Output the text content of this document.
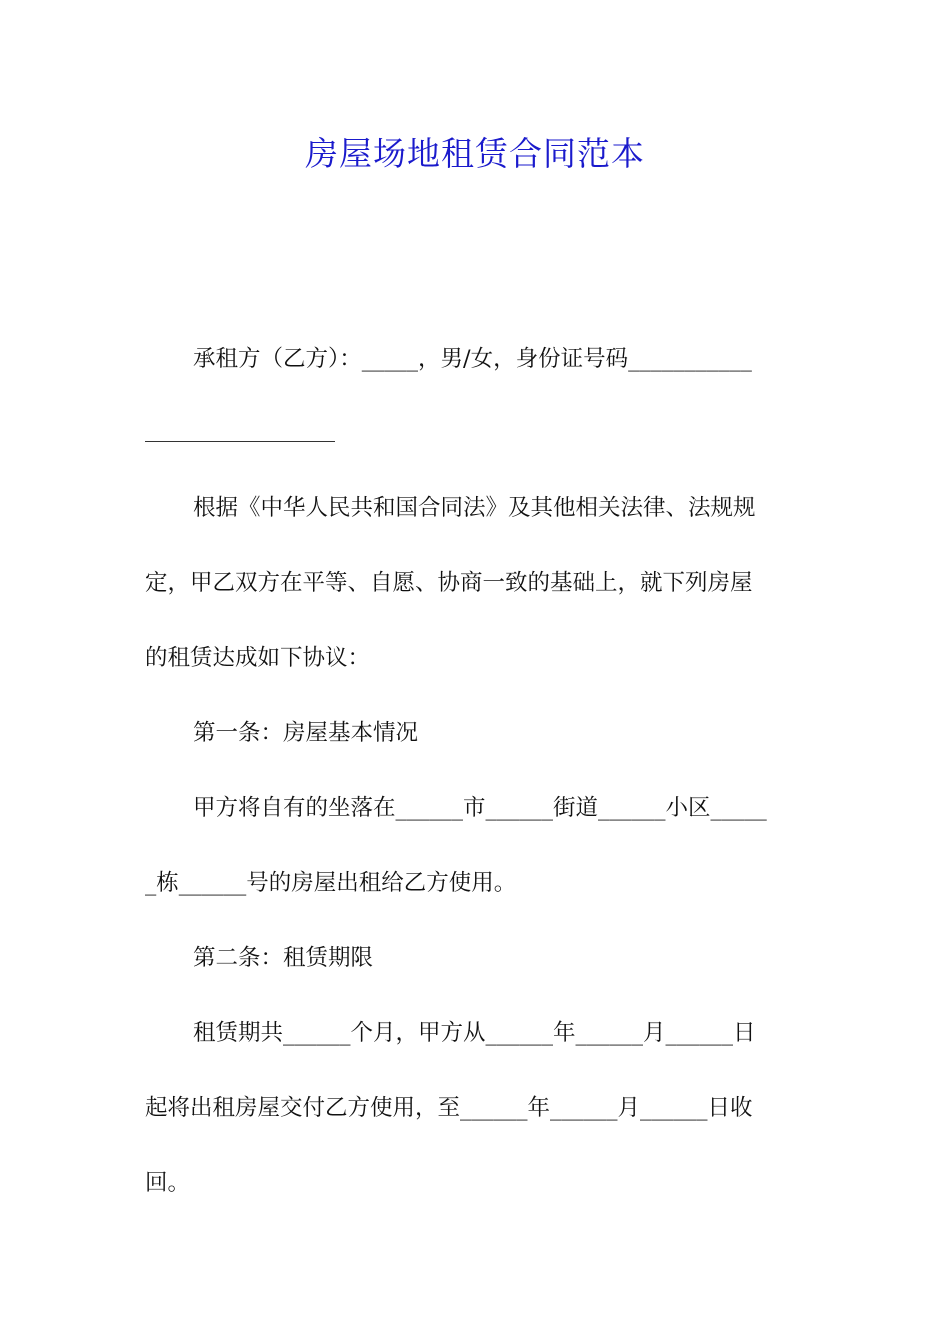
房屋场地租赁合同范本
承租方（乙方）：_____，男/女，身份证号码___________
根据《中华人民共和国合同法》及其他相关法律、法规规
定，甲乙双方在平等、自愿、协商一致的基础上，就下列房屋
的租赁达成如下协议：
第一条：房屋基本情况
甲方将自有的坐落在______市______街道______小区_____
_栋______号的房屋出租给乙方使用。
第二条：租赁期限
租赁期共______个月，甲方从______年______月______日
起将出租房屋交付乙方使用，至______年______月______日收
回。
